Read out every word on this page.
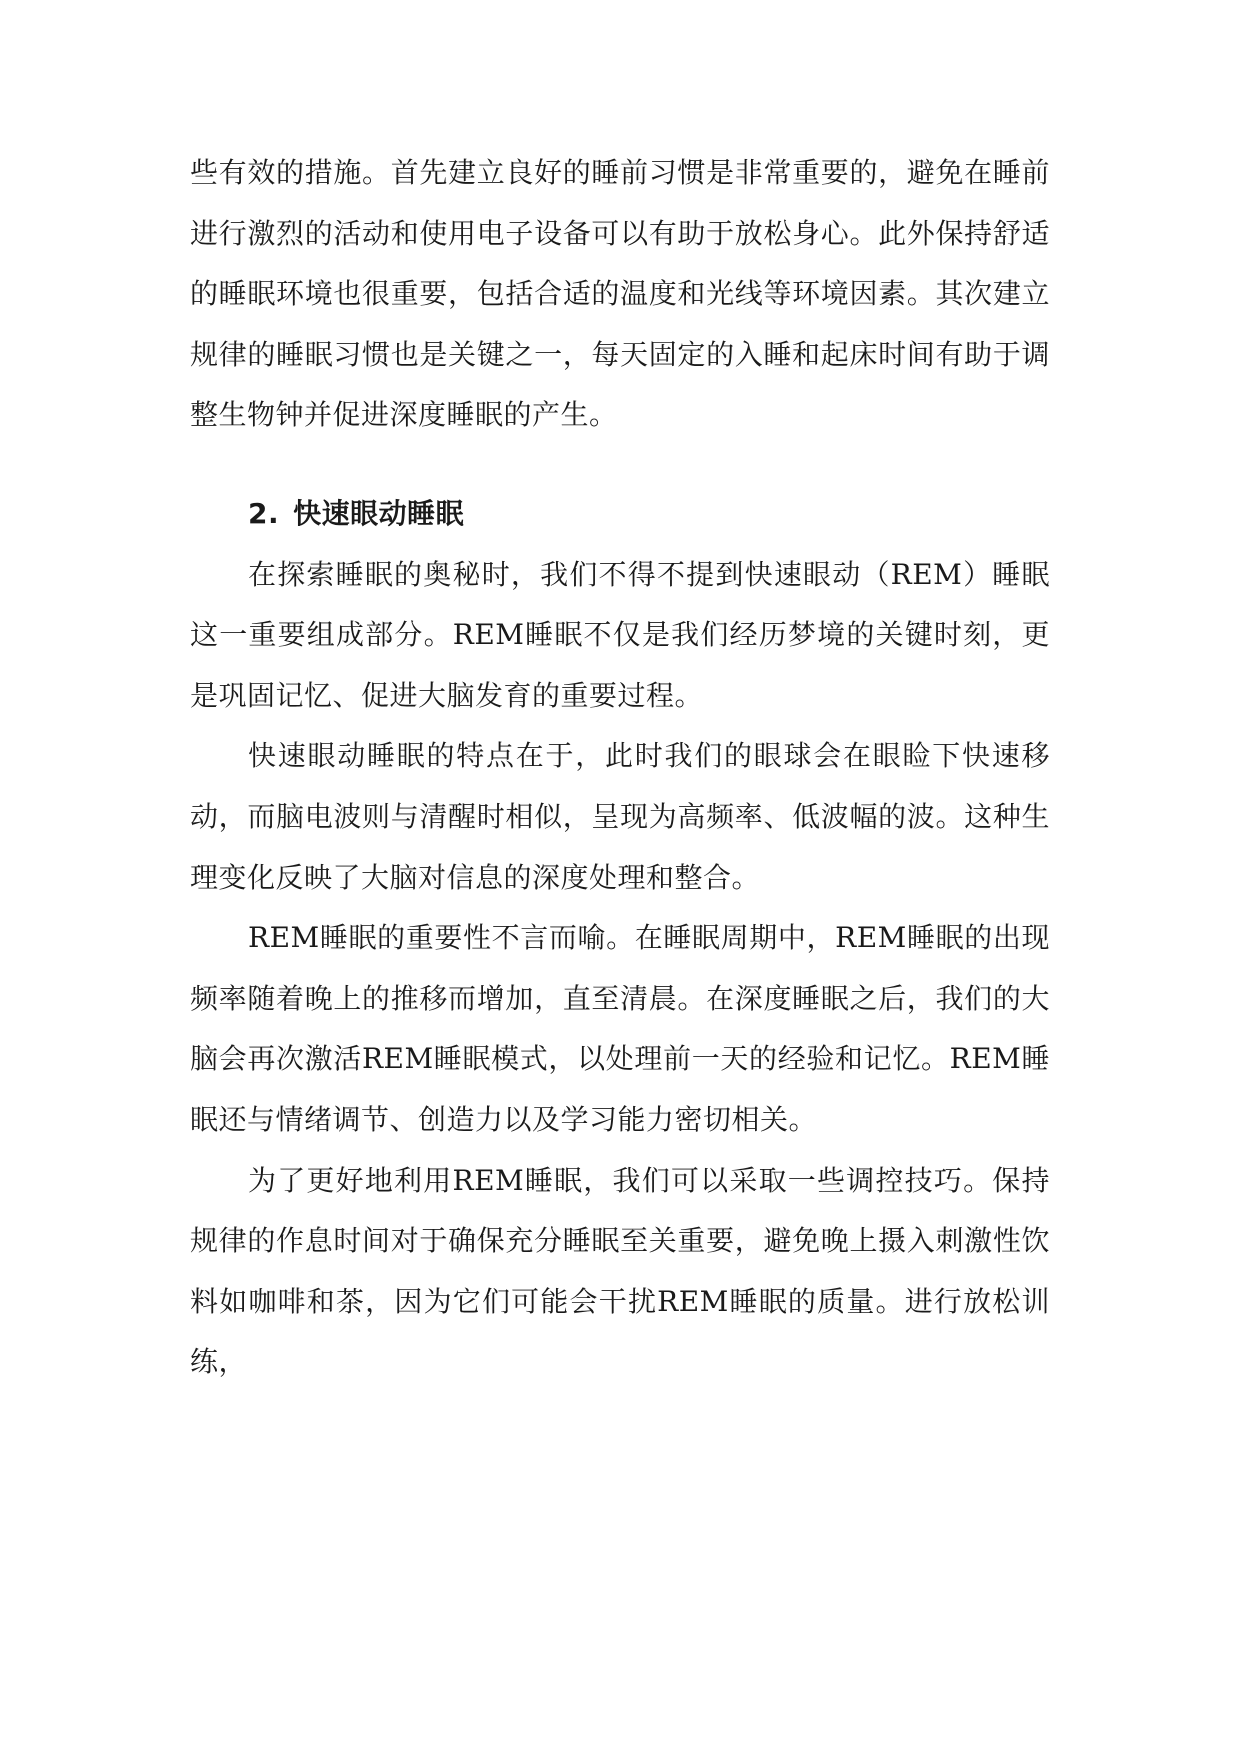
些有效的措施。首先建立良好的睡前习惯是非常重要的，避免在睡前进行激烈的活动和使用电子设备可以有助于放松身心。此外保持舒适的睡眠环境也很重要，包括合适的温度和光线等环境因素。其次建立规律的睡眠习惯也是关键之一，每天固定的入睡和起床时间有助于调整生物钟并促进深度睡眠的产生。

2. 快速眼动睡眠

在探索睡眠的奥秘时，我们不得不提到快速眼动（REM）睡眠这一重要组成部分。REM睡眠不仅是我们经历梦境的关键时刻，更是巩固记忆、促进大脑发育的重要过程。

快速眼动睡眠的特点在于，此时我们的眼球会在眼睑下快速移动，而脑电波则与清醒时相似，呈现为高频率、低波幅的波。这种生理变化反映了大脑对信息的深度处理和整合。

REM睡眠的重要性不言而喻。在睡眠周期中，REM睡眠的出现频率随着晚上的推移而增加，直至清晨。在深度睡眠之后，我们的大脑会再次激活REM睡眠模式，以处理前一天的经验和记忆。REM睡眠还与情绪调节、创造力以及学习能力密切相关。

为了更好地利用REM睡眠，我们可以采取一些调控技巧。保持规律的作息时间对于确保充分睡眠至关重要，避免晚上摄入刺激性饮料如咖啡和茶，因为它们可能会干扰REM睡眠的质量。进行放松训练，
